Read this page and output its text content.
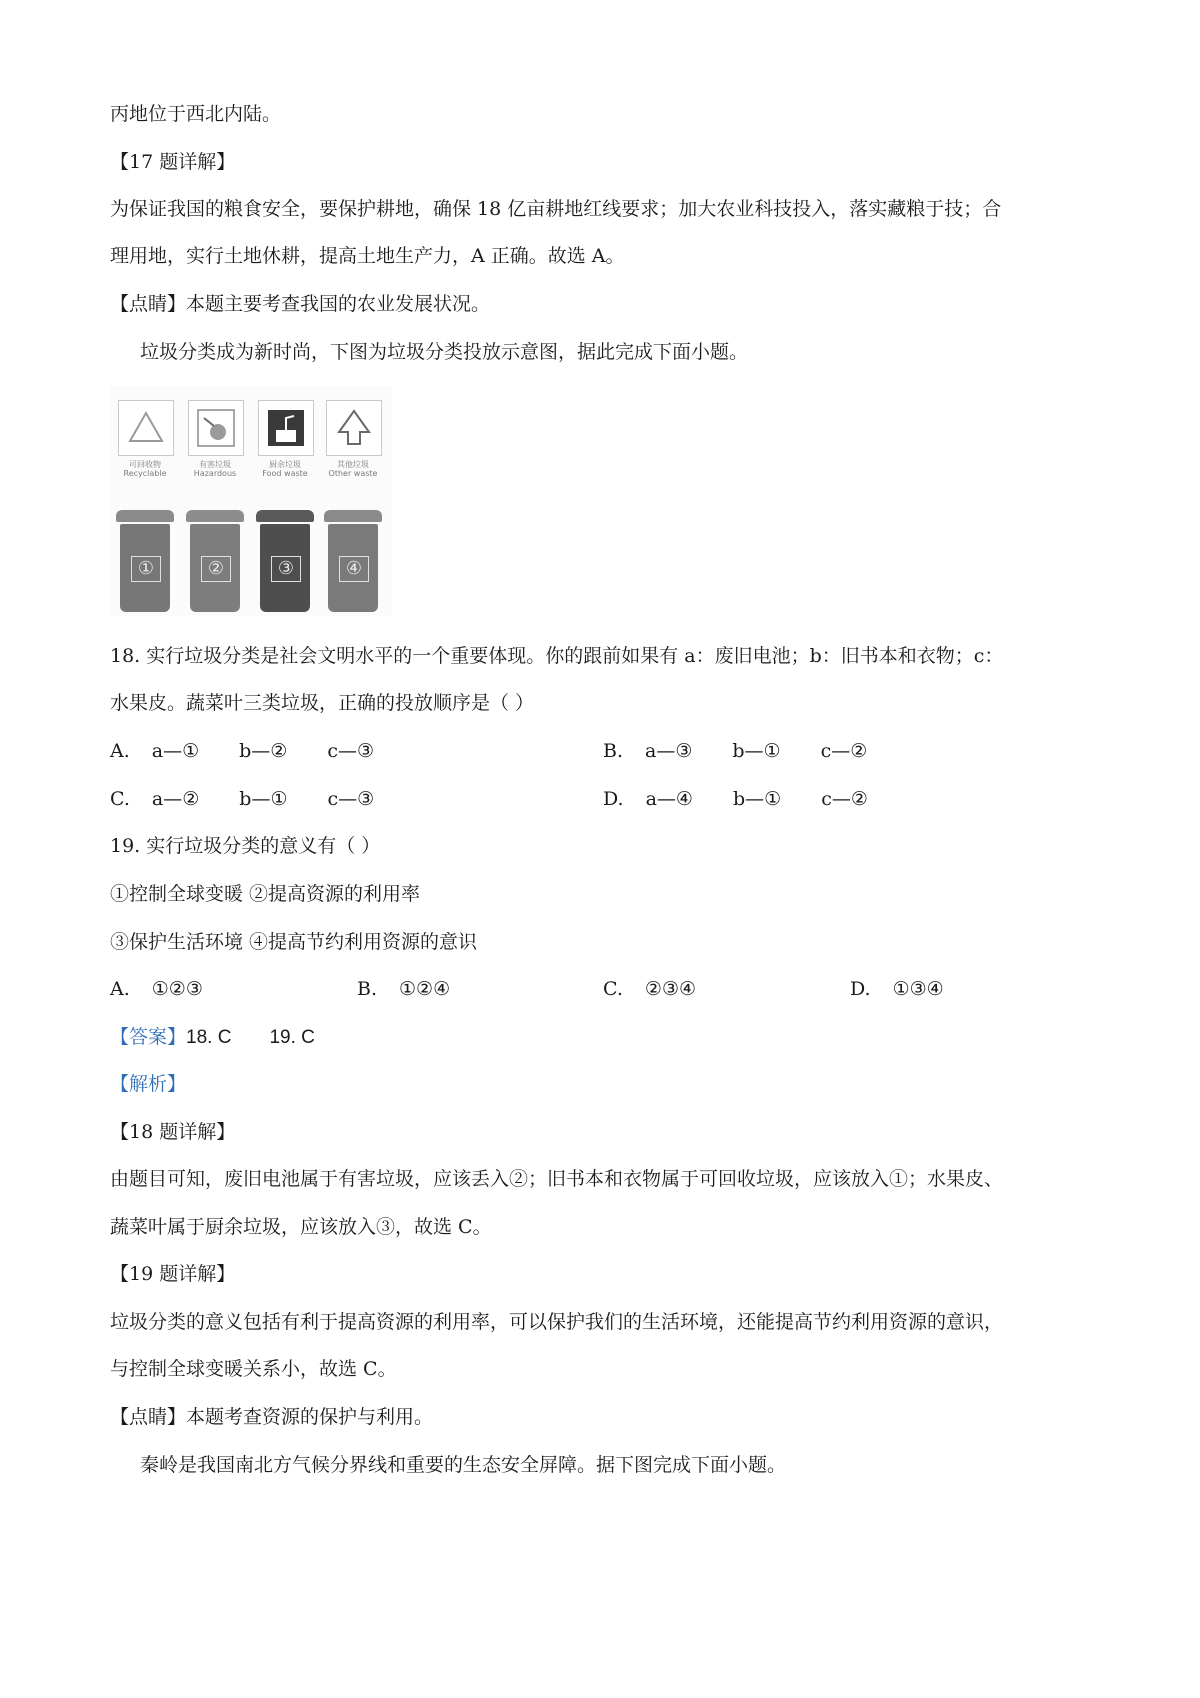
丙地位于西北内陆。
【17 题详解】
为保证我国的粮食安全，要保护耕地，确保 18 亿亩耕地红线要求；加大农业科技投入，落实藏粮于技；合
理用地，实行土地休耕，提高土地生产力，A 正确。故选 A。
【点睛】本题主要考查我国的农业发展状况。
垃圾分类成为新时尚，下图为垃圾分类投放示意图，据此完成下面小题。
可回收物
Recyclable
①
有害垃圾
Hazardous
②
厨余垃圾
Food waste
③
其他垃圾
Other waste
④
18. 实行垃圾分类是社会文明水平的一个重要体现。你的跟前如果有 a：废旧电池；b：旧书本和衣物；c：
水果皮。蔬菜叶三类垃圾，正确的投放顺序是（ ）
A. a—① b—② c—③	B. a—③ b—① c—②
C. a—② b—① c—③	D. a—④ b—① c—②
19. 实行垃圾分类的意义有（ ）
①控制全球变暖 ②提高资源的利用率
③保护生活环境 ④提高节约利用资源的意识
A. ①②③	B. ①②④	C. ②③④	D. ①③④
【答案】18. C 19. C
【解析】
【18 题详解】
由题目可知，废旧电池属于有害垃圾，应该丢入②；旧书本和衣物属于可回收垃圾，应该放入①；水果皮、
蔬菜叶属于厨余垃圾，应该放入③，故选 C。
【19 题详解】
垃圾分类的意义包括有利于提高资源的利用率，可以保护我们的生活环境，还能提高节约利用资源的意识，
与控制全球变暖关系小，故选 C。
【点睛】本题考查资源的保护与利用。
秦岭是我国南北方气候分界线和重要的生态安全屏障。据下图完成下面小题。
